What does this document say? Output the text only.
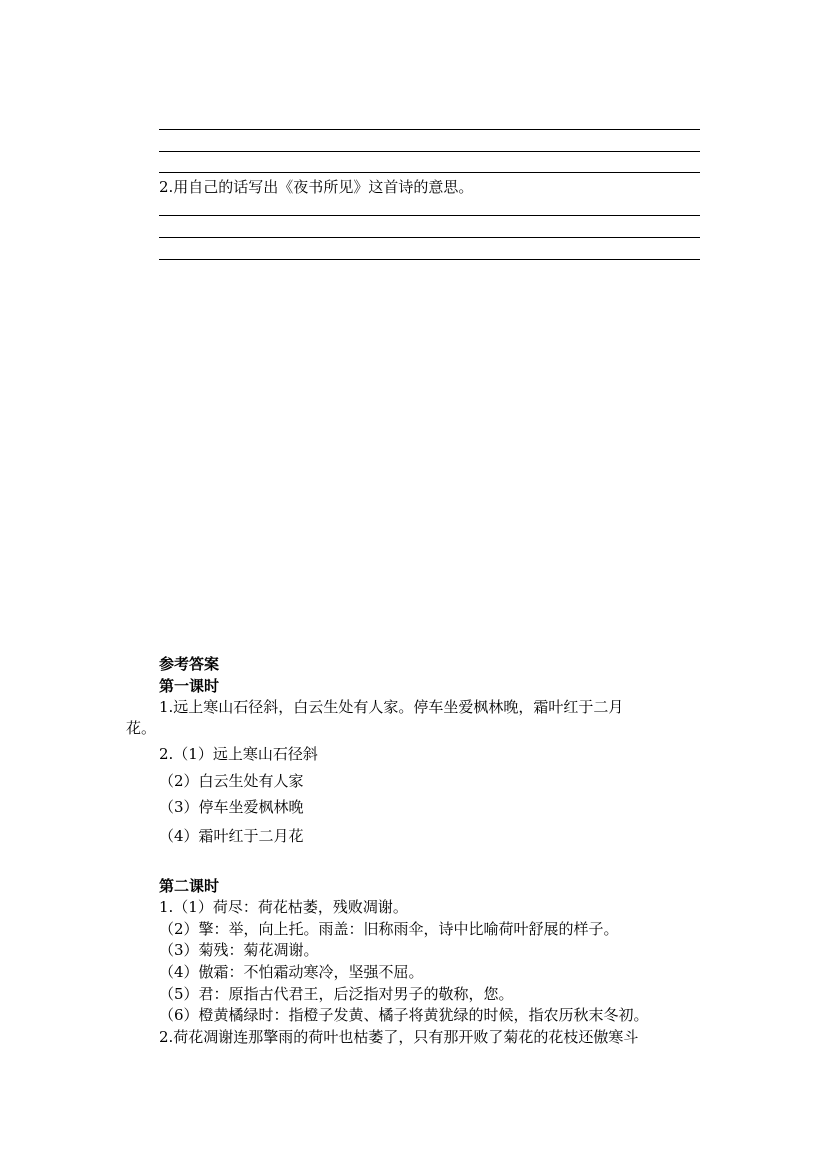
2.用自己的话写出《夜书所见》这首诗的意思。
参考答案
第一课时
1.远上寒山石径斜，白云生处有人家。停车坐爱枫林晚，霜叶红于二月
花。
2.（1）远上寒山石径斜
（2）白云生处有人家
（3）停车坐爱枫林晚
（4）霜叶红于二月花
第二课时
1.（1）荷尽：荷花枯萎，残败凋谢。
（2）擎：举，向上托。雨盖：旧称雨伞，诗中比喻荷叶舒展的样子。
（3）菊残：菊花凋谢。
（4）傲霜：不怕霜动寒冷，坚强不屈。
（5）君：原指古代君王，后泛指对男子的敬称，您。
（6）橙黄橘绿时：指橙子发黄、橘子将黄犹绿的时候，指农历秋末冬初。
2.荷花凋谢连那擎雨的荷叶也枯萎了，只有那开败了菊花的花枝还傲寒斗
